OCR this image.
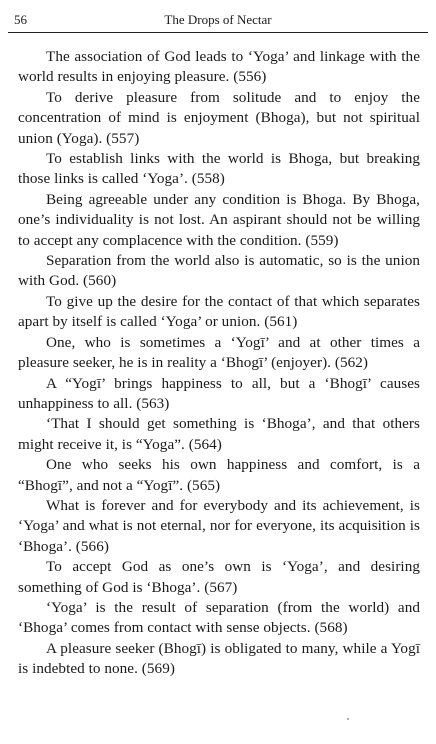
56	The Drops of Nectar

The association of God leads to ‘Yoga’ and linkage with the world results in enjoying pleasure. (556)

To derive pleasure from solitude and to enjoy the concentration of mind is enjoyment (Bhoga), but not spiritual union (Yoga). (557)

To establish links with the world is Bhoga, but breaking those links is called ‘Yoga’. (558)

Being agreeable under any condition is Bhoga. By Bhoga, one’s individuality is not lost. An aspirant should not be willing to accept any complacence with the condition. (559)

Separation from the world also is automatic, so is the union with God. (560)

To give up the desire for the contact of that which separates apart by itself is called ‘Yoga’ or union. (561)

One, who is sometimes a ‘Yogī’ and at other times a pleasure seeker, he is in reality a ‘Bhogī’ (enjoyer). (562)

A “Yogī’ brings happiness to all, but a ‘Bhogī’ causes unhappiness to all. (563)

‘That I should get something is ‘Bhoga’, and that others might receive it, is “Yoga”. (564)

One who seeks his own happiness and comfort, is a “Bhogī”, and not a “Yogī”. (565)

What is forever and for everybody and its achievement, is ‘Yoga’ and what is not eternal, nor for everyone, its acquisition is ‘Bhoga’. (566)

To accept God as one’s own is ‘Yoga’, and desiring something of God is ‘Bhoga’. (567)

‘Yoga’ is the result of separation (from the world) and ‘Bhoga’ comes from contact with sense objects. (568)

A pleasure seeker (Bhogī) is obligated to many, while a Yogī is indebted to none. (569)
